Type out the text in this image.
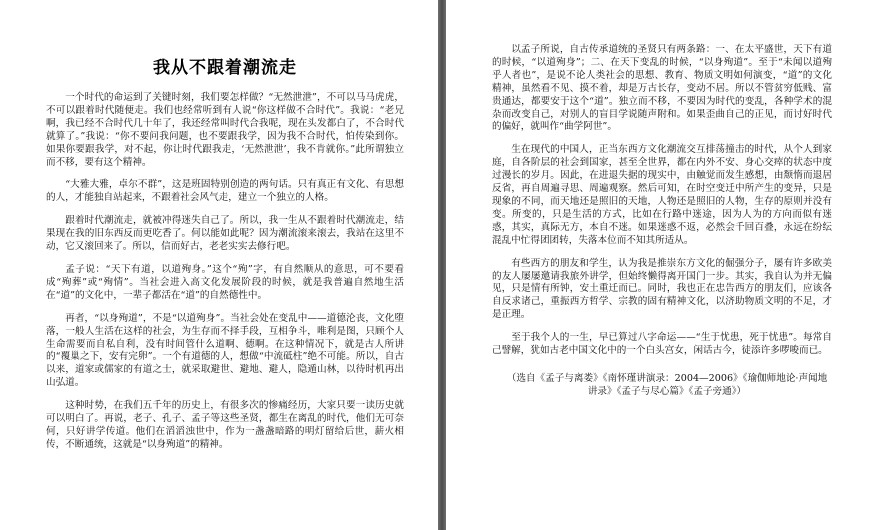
我从不跟着潮流走

一个时代的命运到了关键时刻，我们要怎样做？“无然泄泄”，不可以马马虎虎，不可以跟着时代随便走。我们也经常听到有人说“你这样做不合时代”。我说：“老兄啊，我已经不合时代几十年了，我还经常叫时代合我呢，现在头发都白了，不合时代就算了。”我说：“你不要问我问题，也不要跟我学，因为我不合时代，怕传染到你。如果你要跟我学，对不起，你让时代跟我走，‘无然泄泄’，我不肯就你。”此所谓独立而不移，要有这个精神。

“大雅大雅，卓尔不群”，这是班固特别创造的两句话。只有真正有文化、有思想的人，才能独自站起来，不跟着社会风气走，建立一个独立的人格。

跟着时代潮流走，就被冲得迷失自己了。所以，我一生从不跟着时代潮流走，结果现在我的旧东西反而更吃香了。何以能如此呢？因为潮流滚来滚去，我站在这里不动，它又滚回来了。所以，信而好古，老老实实去修行吧。

孟子说：“天下有道，以道殉身。”这个“殉”字，有自然顺从的意思，可不要看成“殉葬”或“殉情”。当社会进入高文化发展阶段的时候，就是我普遍自然地生活在“道”的文化中，一辈子都活在“道”的自然德性中。

再者，“以身殉道”，不是“以道殉身”。当社会处在变乱中——道德沦丧，文化堕落，一般人生活在这样的社会，为生存而不择手段，互相争斗，唯利是图，只顾个人生命需要而自私自利，没有时间管什么道啊、德啊。在这种情况下，就是古人所讲的“覆巢之下，安有完卵”。一个有道德的人，想做“中流砥柱”绝不可能。所以，自古以来，道家或儒家的有道之士，就采取避世、避地、避人，隐遁山林，以待时机再出山弘道。

这种时势，在我们五千年的历史上，有很多次的惨痛经历，大家只要一读历史就可以明白了。再说，老子、孔子、孟子等这些圣贤，都生在离乱的时代，他们无可奈何，只好讲学传道。他们在滔滔浊世中，作为一盏盏暗路的明灯留给后世，薪火相传，不断通统，这就是“以身殉道”的精神。

以孟子所说，自古传承道统的圣贤只有两条路：一、在太平盛世，天下有道的时候，“以道殉身”；二、在天下变乱的时候，“以身殉道”。至于“未闻以道殉乎人者也”，是说不论人类社会的思想、教育、物质文明如何演变，“道”的文化精神，虽然看不见、摸不着，却是万古长存，变动不居。所以不管贫穷低贱、富贵通达，都要安于这个“道”。独立而不移，不要因为时代的变乱，各种学术的混杂而改变自己，对别人的盲目学说随声附和。如果歪曲自己的正见，而讨好时代的偏好，就叫作“曲学阿世”。

生在现代的中国人，正当东西方文化潮流交互排荡撞击的时代，从个人到家庭，自各阶层的社会到国家，甚至全世界，都在内外不安、身心交瘁的状态中度过漫长的岁月。因此，在进退失据的现实中，由触觉而发生感想，由颓惰而退居反省，再自周遍寻思、周遍观察。然后可知，在时空变迁中所产生的变异，只是现象的不同，而天地还是照旧的天地，人物还是照旧的人物，生存的原则并没有变。所变的，只是生活的方式，比如在行路中迷途，因为人为的方向而似有迷惑，其实，真际无方，本自不迷。如果迷惑不返，必然会千回百叠，永远在纷纭混乱中忙得团团转，失落本位而不知其所适从。

有些西方的朋友和学生，认为我是推崇东方文化的倔强分子，屡有许多欧美的友人屡屡邀请我旅外讲学，但始终懒得离开国门一步。其实，我自认为并无偏见，只是情有所钟，安土重迁而已。同时，我也正在忠告西方的朋友们，应该各自反求诸己，重振西方哲学、宗教的固有精神文化，以济助物质文明的不足，才是正理。

至于我个人的一生，早已算过八字命运——“生于忧患，死于忧患”。每常自己譬解，犹如古老中国文化中的一个白头宫女，闲话古今，徒添许多啰唆而已。

（选自《孟子与离娄》《南怀瑾讲演录：2004—2006》《瑜伽师地论·声闻地讲录》《孟子与尽心篇》《孟子旁通》）
